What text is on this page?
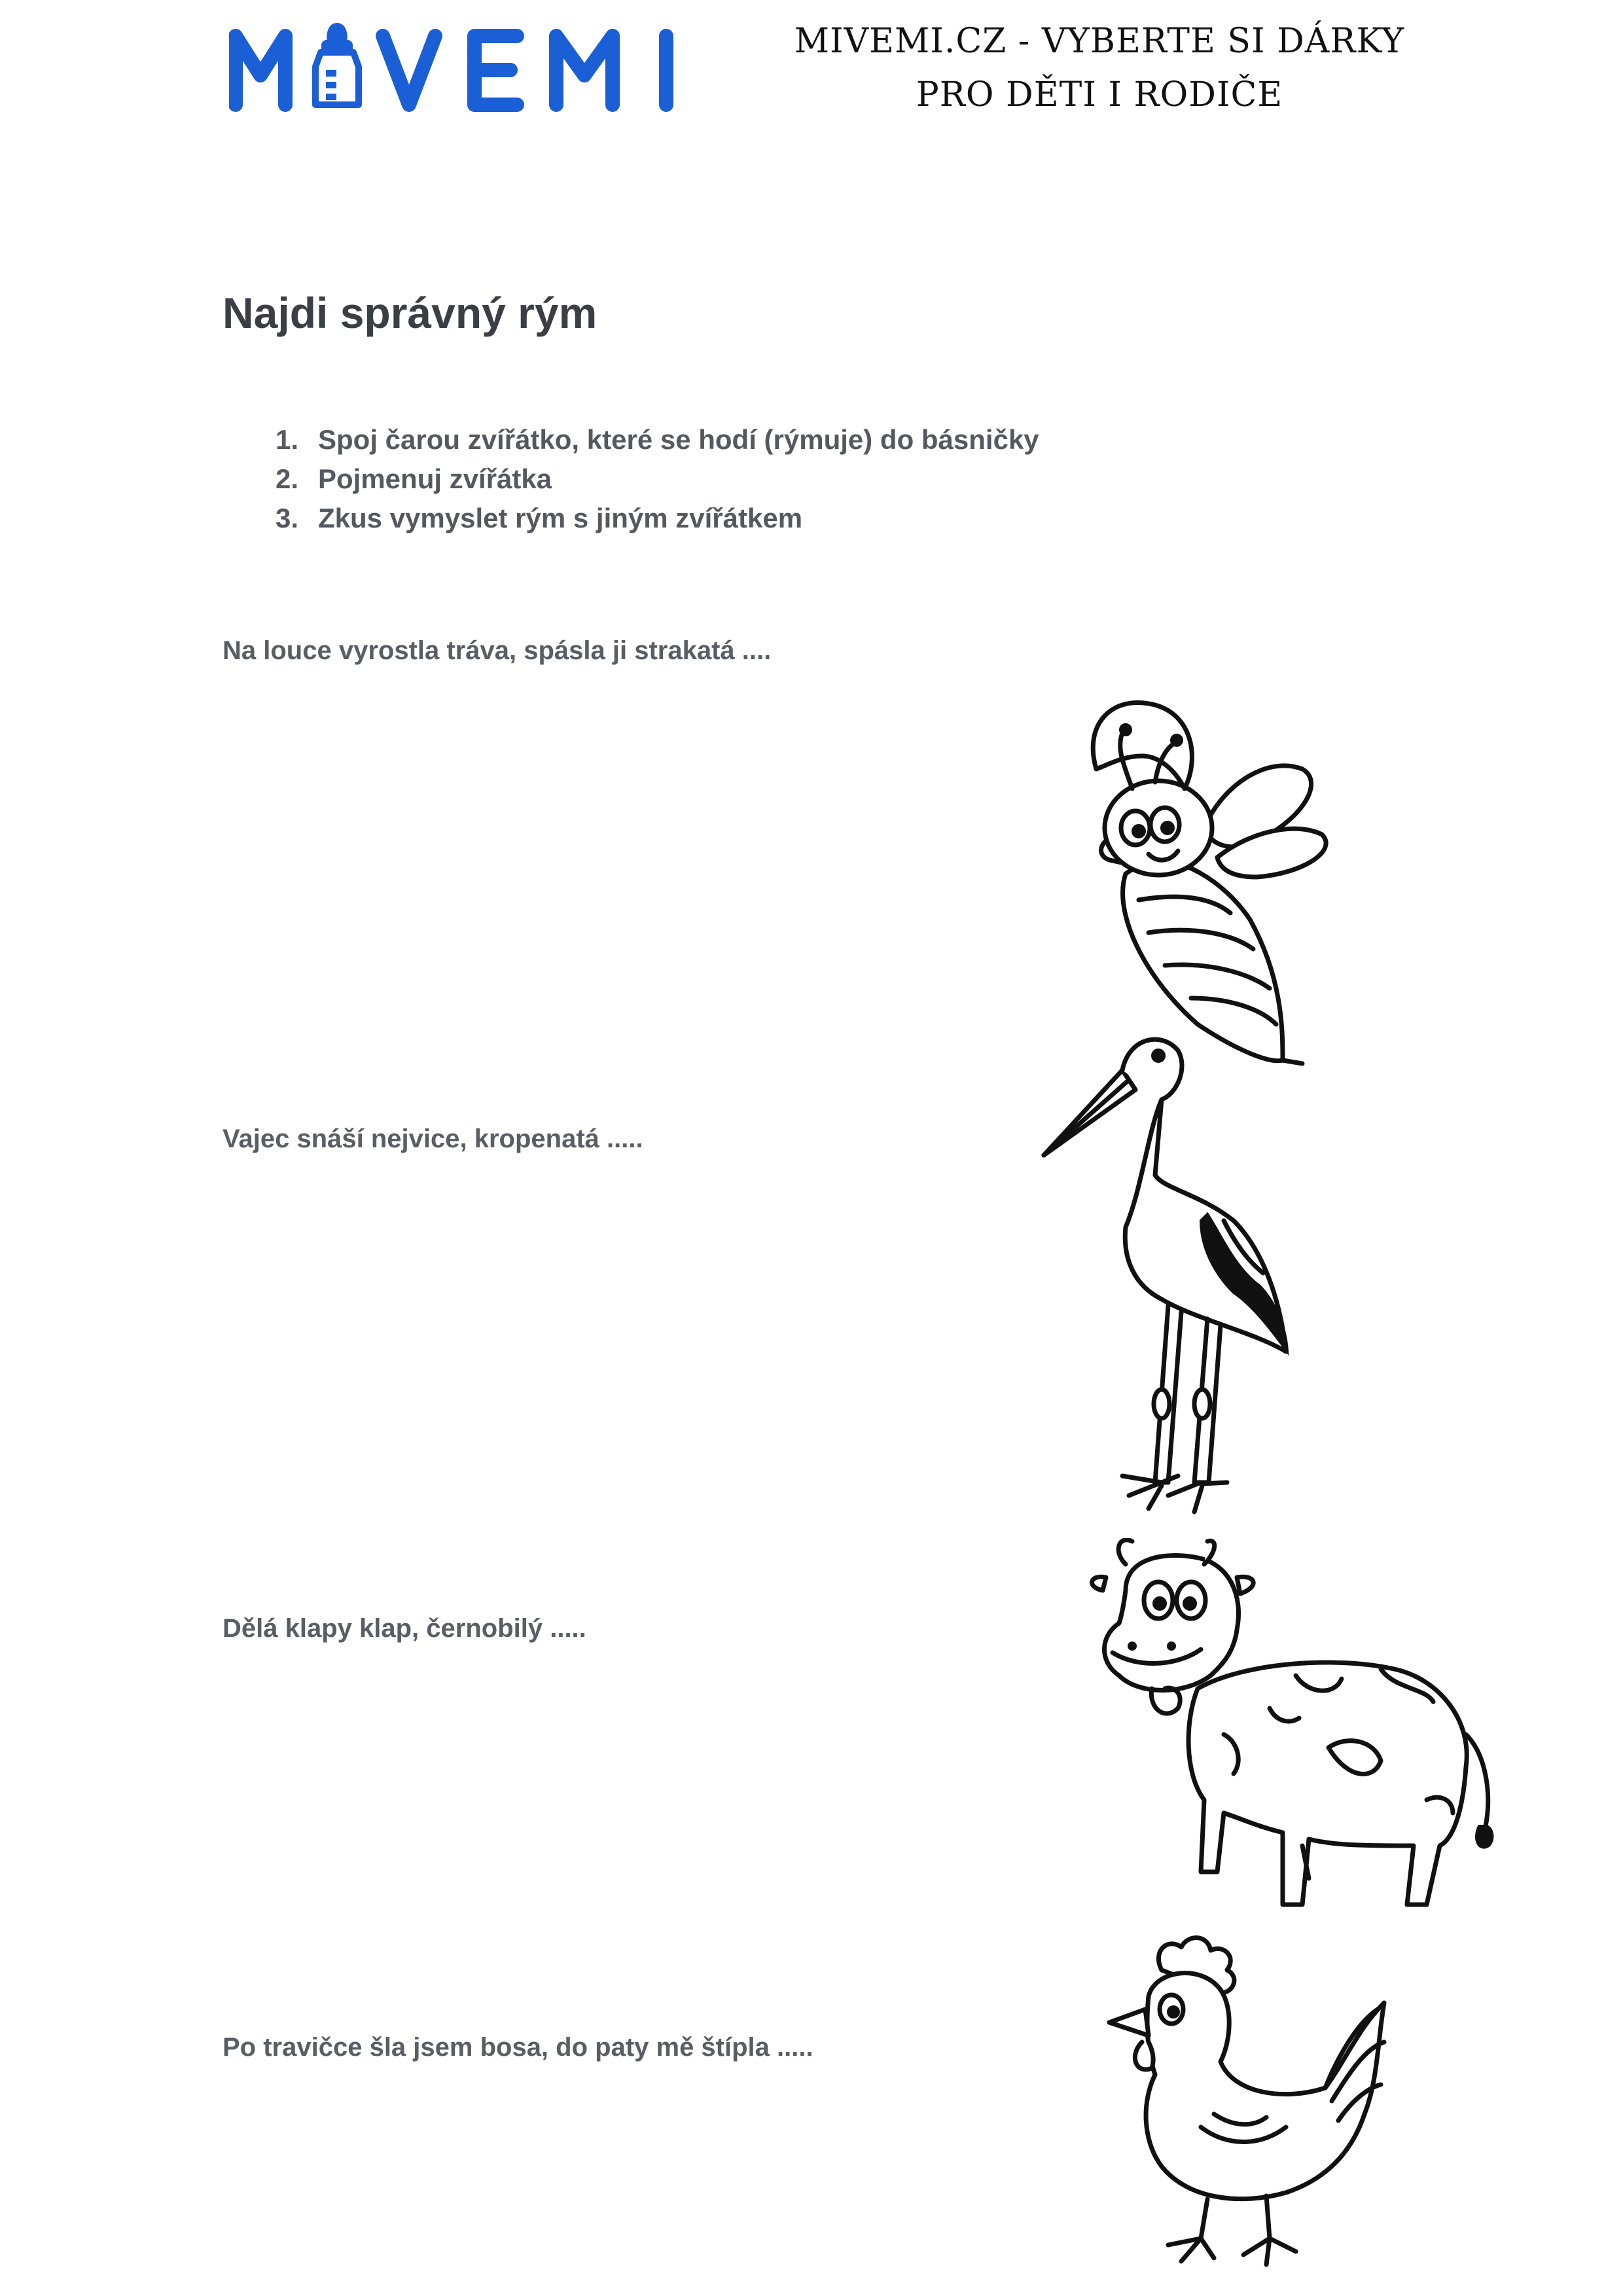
MIVEMI.CZ - VYBERTE SI DÁRKY
PRO DĚTI I RODIČE
Najdi správný rým
1. Spoj čarou zvířátko, které se hodí (rýmuje) do básničky
2. Pojmenuj zvířátka
3. Zkus vymyslet rým s jiným zvířátkem

Na louce vyrostla tráva, spásla ji strakatá ....

Vajec snáší nejvice, kropenatá .....

Dělá klapy klap, černobilý .....

Po travičce šla jsem bosa, do paty mě štípla .....
